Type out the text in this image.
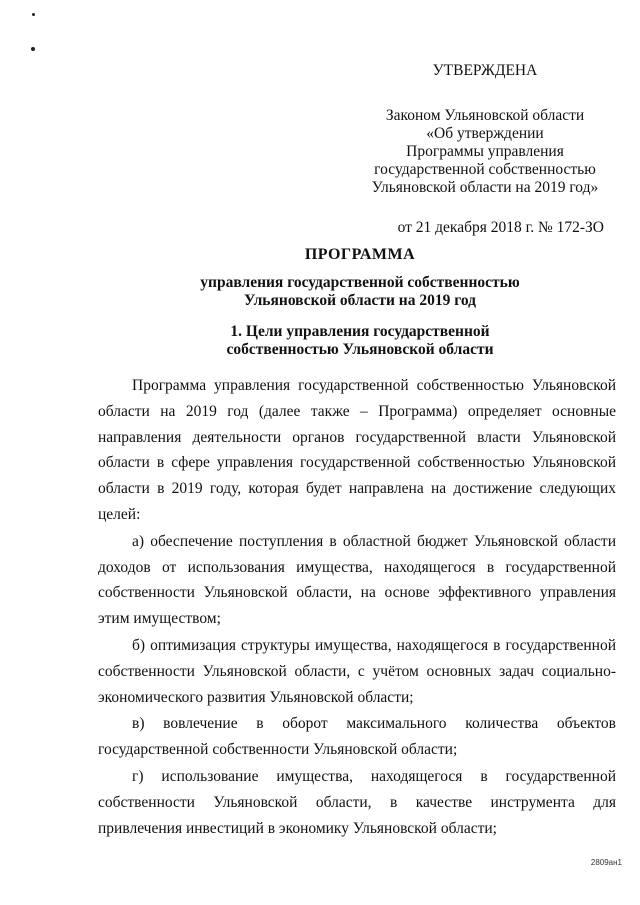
УТВЕРЖДЕНА
Законом Ульяновской области
«Об утверждении
Программы управления
государственной собственностью
Ульяновской области на 2019 год»
от 21 декабря 2018 г. № 172-ЗО
ПРОГРАММА
управления государственной собственностью
Ульяновской области на 2019 год
1. Цели управления государственной
собственностью Ульяновской области

Программа управления государственной собственностью Ульяновской области на 2019 год (далее также – Программа) определяет основные направления деятельности органов государственной власти Ульяновской области в сфере управления государственной собственностью Ульяновской области в 2019 году, которая будет направлена на достижение следующих целей:

а) обеспечение поступления в областной бюджет Ульяновской области доходов от использования имущества, находящегося в государственной собственности Ульяновской области, на основе эффективного управления этим имуществом;

б) оптимизация структуры имущества, находящегося в государственной собственности Ульяновской области, с учётом основных задач социально-экономического развития Ульяновской области;

в) вовлечение в оборот максимального количества объектов государственной собственности Ульяновской области;

г) использование имущества, находящегося в государственной собственности Ульяновской области, в качестве инструмента для привлечения инвестиций в экономику Ульяновской области;

2809ан1
